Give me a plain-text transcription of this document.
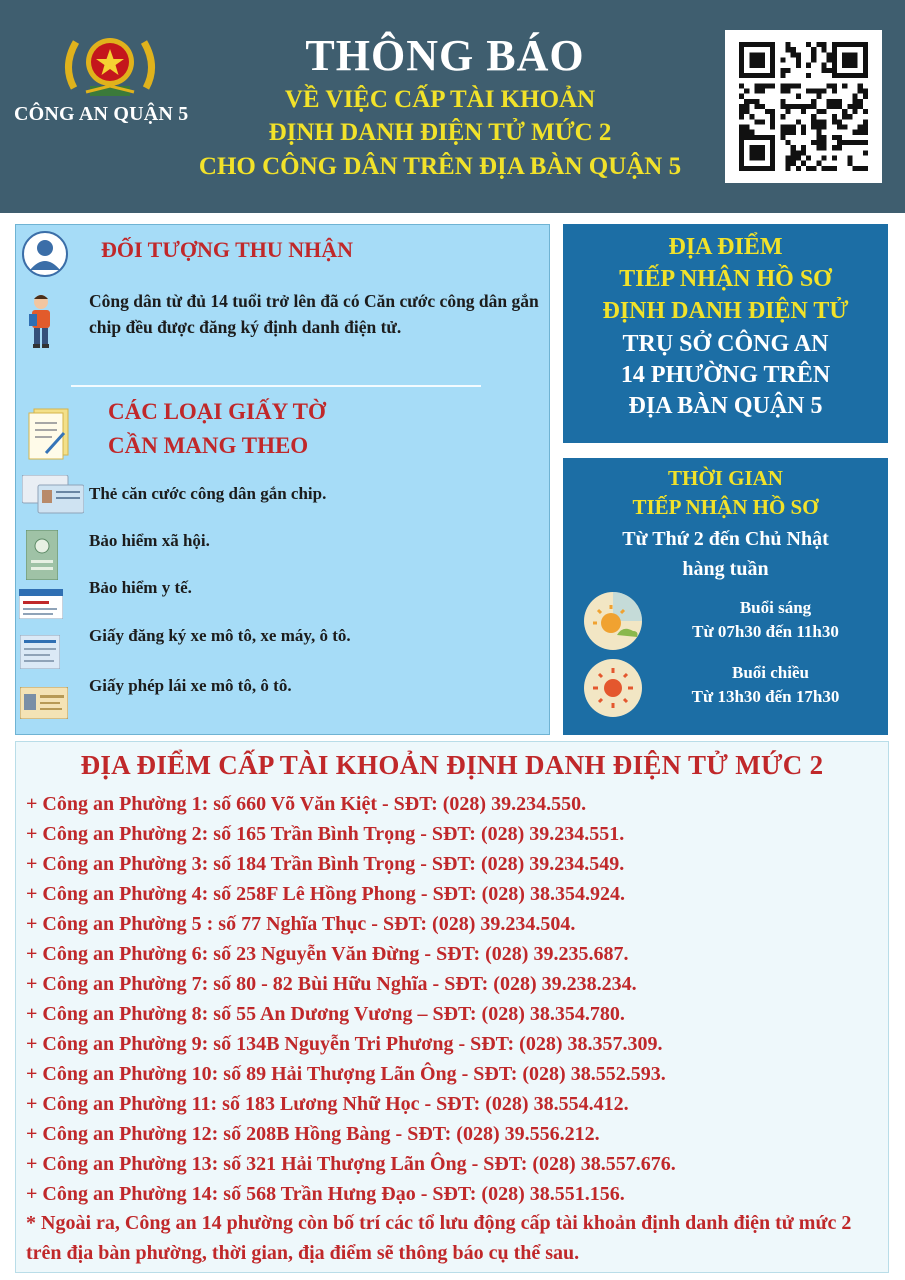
CÔNG AN QUẬN 5
THÔNG BÁO
VỀ VIỆC CẤP TÀI KHOẢN
ĐỊNH DANH ĐIỆN TỬ MỨC 2
CHO CÔNG DÂN TRÊN ĐỊA BÀN QUẬN 5
ĐỐI TƯỢNG THU NHẬN
Công dân từ đủ 14 tuổi trở lên đã có Căn cước công dân gắn chip đều được đăng ký định danh điện tử.
CÁC LOẠI GIẤY TỜ
CẦN MANG THEO
Thẻ căn cước công dân gắn chip.
Bảo hiểm xã hội.
Bảo hiểm y tế.
Giấy đăng ký xe mô tô, xe máy, ô tô.
Giấy phép lái xe mô tô, ô tô.
ĐỊA ĐIỂM
TIẾP NHẬN HỒ SƠ
ĐỊNH DANH ĐIỆN TỬ
TRỤ SỞ CÔNG AN
14 PHƯỜNG TRÊN
ĐỊA BÀN QUẬN 5
THỜI GIAN
TIẾP NHẬN HỒ SƠ
Từ Thứ 2 đến Chủ Nhật
hàng tuần
Buổi sáng
Từ 07h30 đến 11h30
Buổi chiều
Từ 13h30 đến 17h30
ĐỊA ĐIỂM CẤP TÀI KHOẢN ĐỊNH DANH ĐIỆN TỬ MỨC 2
+ Công an Phường 1: số 660 Võ Văn Kiệt - SĐT: (028) 39.234.550.
+ Công an Phường 2: số 165 Trần Bình Trọng - SĐT: (028) 39.234.551.
+ Công an Phường 3: số 184 Trần Bình Trọng - SĐT: (028) 39.234.549.
+ Công an Phường 4: số 258F Lê Hồng Phong - SĐT: (028) 38.354.924.
+ Công an Phường 5 : số 77 Nghĩa Thục - SĐT: (028) 39.234.504.
+ Công an Phường 6: số 23 Nguyễn Văn Đừng - SĐT: (028) 39.235.687.
+ Công an Phường 7: số 80 - 82 Bùi Hữu Nghĩa - SĐT: (028) 39.238.234.
+ Công an Phường 8: số 55 An Dương Vương – SĐT: (028) 38.354.780.
+ Công an Phường 9: số 134B Nguyễn Tri Phương - SĐT: (028) 38.357.309.
+ Công an Phường 10: số 89 Hải Thượng Lãn Ông - SĐT: (028) 38.552.593.
+ Công an Phường 11: số 183 Lương Nhữ Học - SĐT: (028) 38.554.412.
+ Công an Phường 12: số 208B Hồng Bàng - SĐT: (028) 39.556.212.
+ Công an Phường 13: số 321 Hải Thượng Lãn Ông - SĐT: (028) 38.557.676.
+ Công an Phường 14: số 568 Trần Hưng Đạo - SĐT: (028) 38.551.156.
* Ngoài ra, Công an 14 phường còn bố trí các tổ lưu động cấp tài khoản định danh điện tử mức 2 trên địa bàn phường, thời gian, địa điểm sẽ thông báo cụ thể sau.
